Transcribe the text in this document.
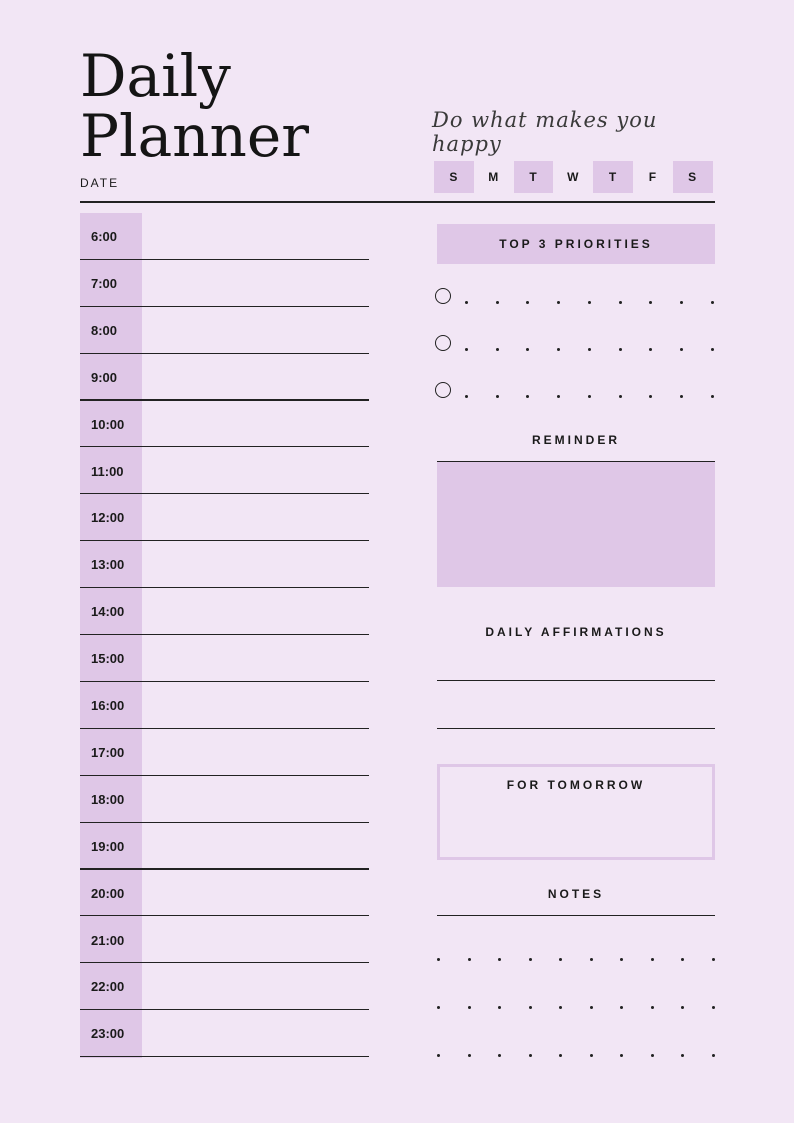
Daily
Planner	Do what makes you happy
DATE	S	M	T	W	T	F	S
6:00
7:00
8:00
9:00
10:00
11:00
12:00
13:00
14:00
15:00
16:00
17:00
18:00
19:00
20:00
21:00
22:00
23:00
TOP 3 PRIORITIES
REMINDER
DAILY AFFIRMATIONS
FOR TOMORROW
NOTES
